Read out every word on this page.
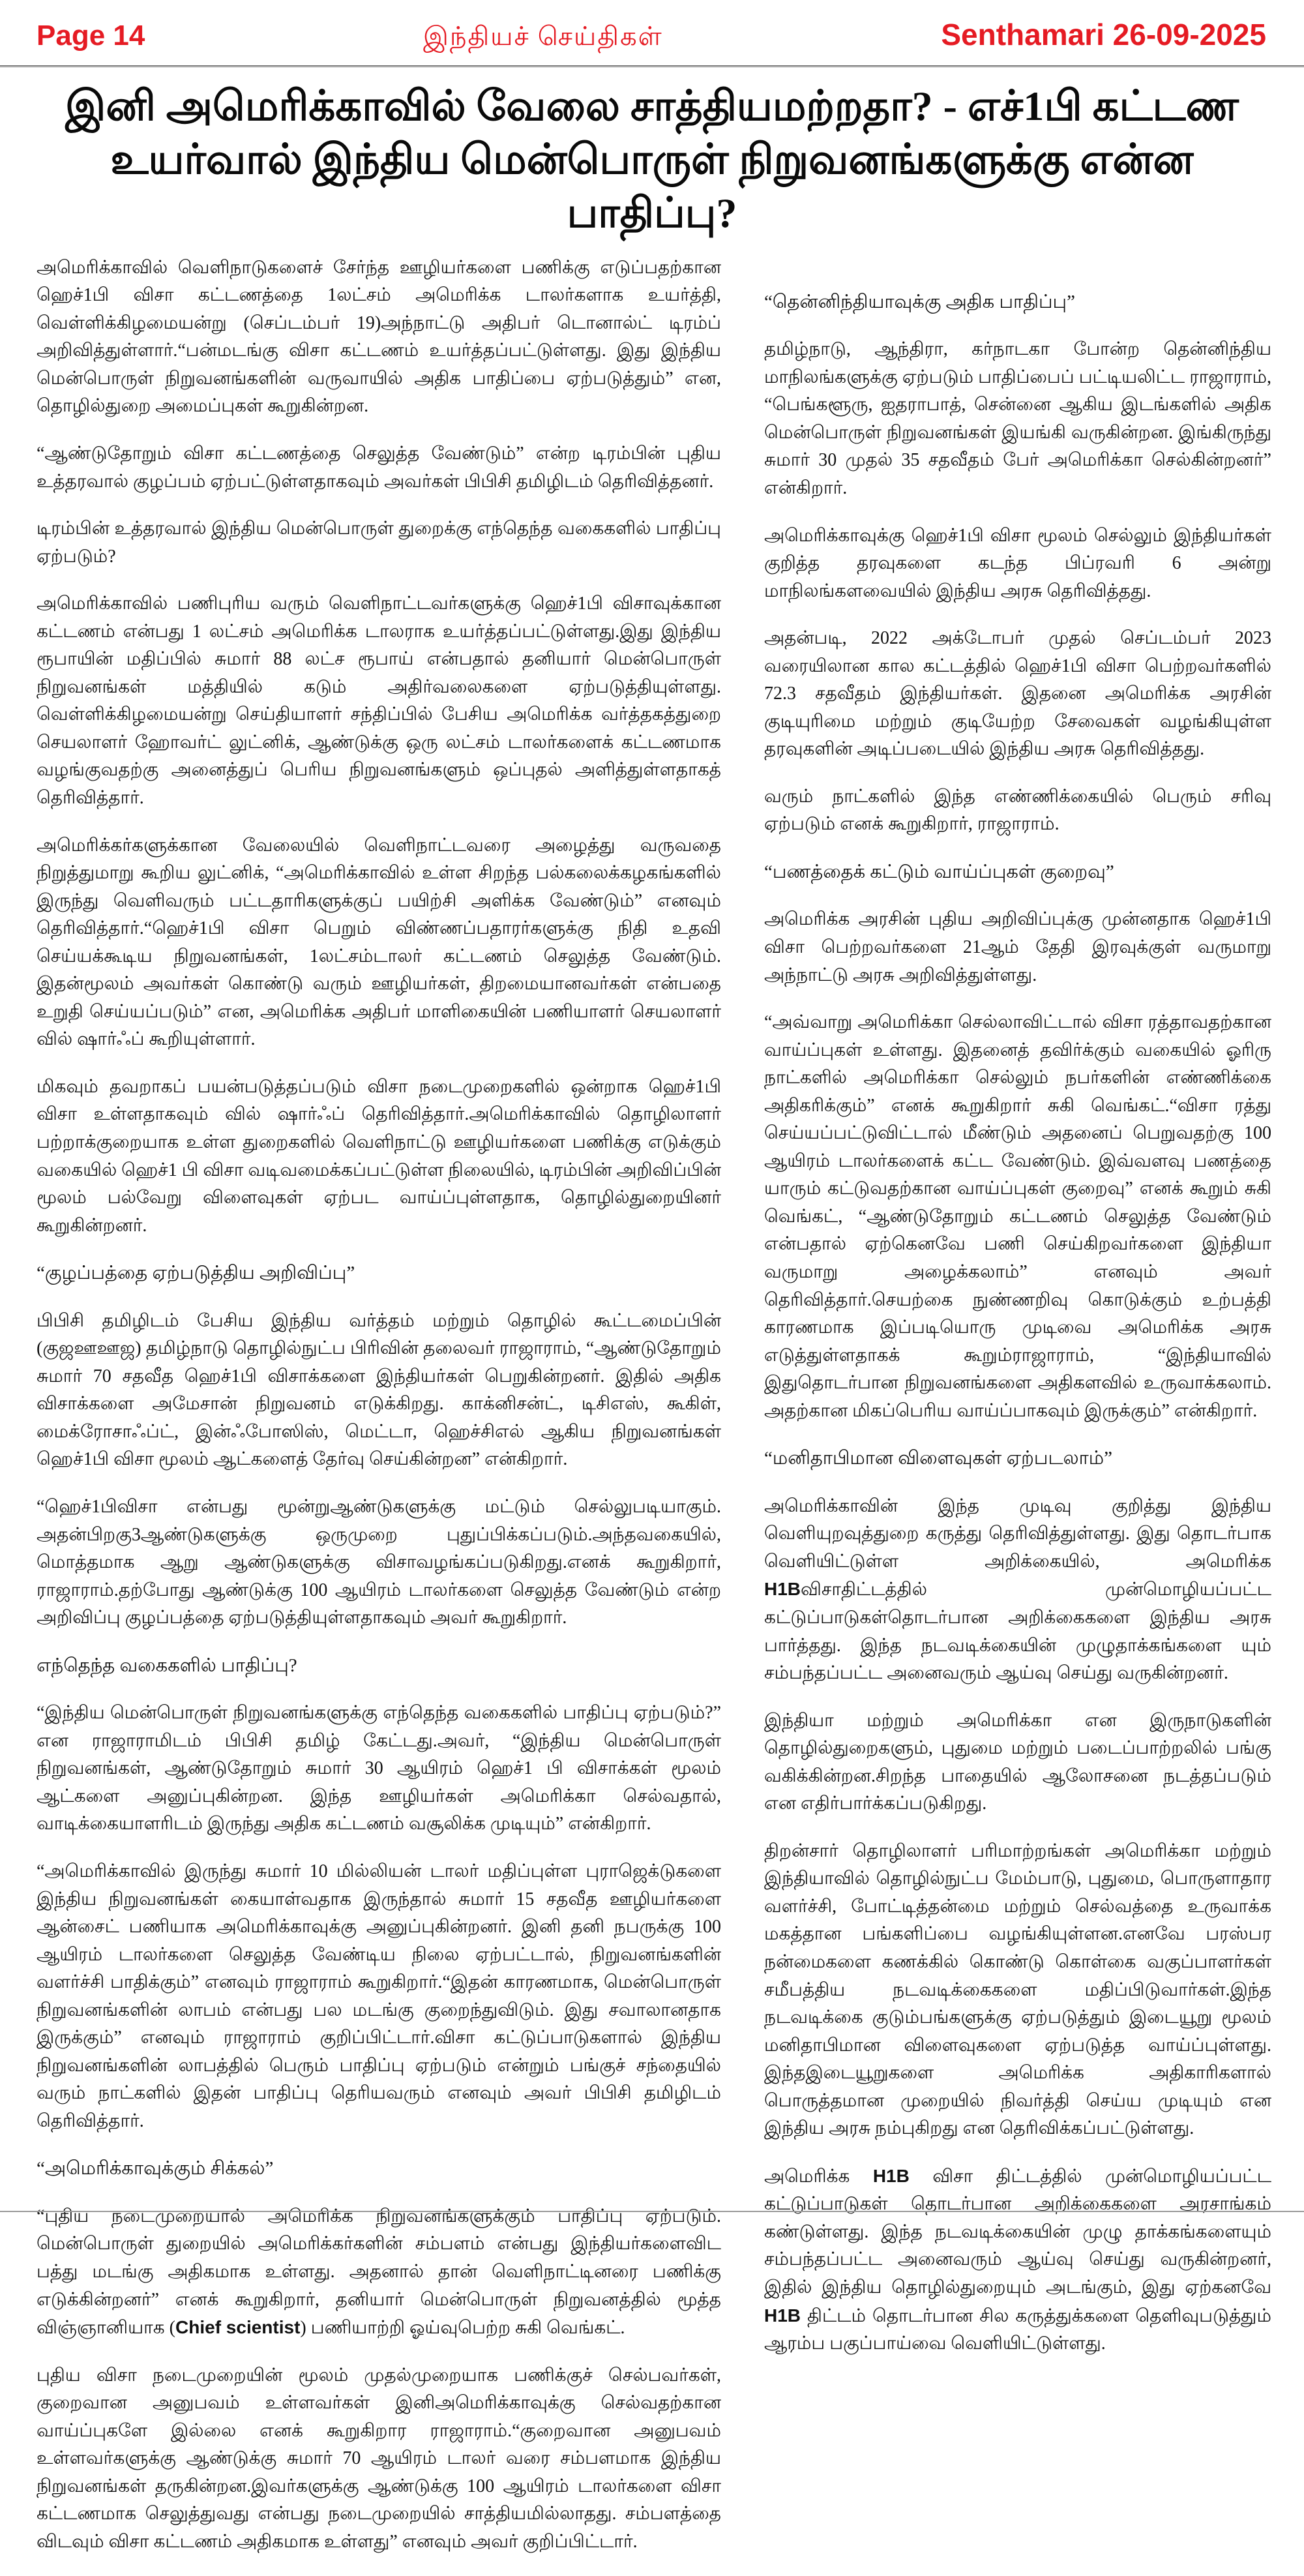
Page 14	இந்தியச் செய்திகள்	Senthamari 26-09-2025
இனி அமெரிக்காவில் வேலை சாத்தியமற்றதா? - எச்1பி கட்டண உயர்வால் இந்திய மென்பொருள் நிறுவனங்களுக்கு என்ன பாதிப்பு?

அமெரிக்காவில் வெளிநாடுகளைச் சேர்ந்த ஊழியர்களை பணிக்கு எடுப்பதற்கான ஹெச்1பி விசா கட்டணத்தை 1லட்சம் அமெரிக்க டாலர்களாக உயர்த்தி, வெள்ளிக்கிழமையன்று (செப்டம்பர் 19)அந்நாட்டு அதிபர் டொனால்ட் டிரம்ப் அறிவித்துள்ளார்.“பன்மடங்கு விசா கட்டணம் உயர்த்தப்பட்டுள்ளது. இது இந்திய மென்பொருள் நிறுவனங்களின் வருவாயில் அதிக பாதிப்பை ஏற்படுத்தும்” என, தொழில்துறை அமைப்புகள் கூறுகின்றன.

“ஆண்டுதோறும் விசா கட்டணத்தை செலுத்த வேண்டும்” என்ற டிரம்பின் புதிய உத்தரவால் குழப்பம் ஏற்பட்டுள்ளதாகவும் அவர்கள் பிபிசி தமிழிடம் தெரிவித்தனர்.

டிரம்பின் உத்தரவால் இந்திய மென்பொருள் துறைக்கு எந்தெந்த வகைகளில் பாதிப்பு ஏற்படும்?

அமெரிக்காவில் பணிபுரிய வரும் வெளிநாட்டவர்களுக்கு ஹெச்1பி விசாவுக்கான கட்டணம் என்பது 1 லட்சம் அமெரிக்க டாலராக உயர்த்தப்பட்டுள்ளது.இது இந்திய ரூபாயின் மதிப்பில் சுமார் 88 லட்ச ரூபாய் என்பதால் தனியார் மென்பொருள் நிறுவனங்கள் மத்தியில் கடும் அதிர்வலைகளை ஏற்படுத்தியுள்ளது. வெள்ளிக்கிழமையன்று செய்தியாளர் சந்திப்பில் பேசிய அமெரிக்க வர்த்தகத்துறை செயலாளர் ஹோவர்ட் லுட்னிக், ஆண்டுக்கு ஒரு லட்சம் டாலர்களைக் கட்டணமாக வழங்குவதற்கு அனைத்துப் பெரிய நிறுவனங்களும் ஒப்புதல் அளித்துள்ளதாகத் தெரிவித்தார்.

அமெரிக்கர்களுக்கான வேலையில் வெளிநாட்டவரை அழைத்து வருவதை நிறுத்துமாறு கூறிய லுட்னிக், “அமெரிக்காவில் உள்ள சிறந்த பல்கலைக்கழகங்களில் இருந்து வெளிவரும் பட்டதாரிகளுக்குப் பயிற்சி அளிக்க வேண்டும்” எனவும் தெரிவித்தார்.“ஹெச்1பி விசா பெறும் விண்ணப்பதாரர்களுக்கு நிதி உதவி செய்யக்கூடிய நிறுவனங்கள், 1லட்சம்டாலர் கட்டணம் செலுத்த வேண்டும். இதன்மூலம் அவர்கள் கொண்டு வரும் ஊழியர்கள், திறமையானவர்கள் என்பதை உறுதி செய்யப்படும்” என, அமெரிக்க அதிபர் மாளிகையின் பணியாளர் செயலாளர் வில் ஷார்ஃப் கூறியுள்ளார்.

மிகவும் தவறாகப் பயன்படுத்தப்படும் விசா நடைமுறைகளில் ஒன்றாக ஹெச்1பி விசா உள்ளதாகவும் வில் ஷார்ஃப் தெரிவித்தார்.அமெரிக்காவில் தொழிலாளர் பற்றாக்குறையாக உள்ள துறைகளில் வெளிநாட்டு ஊழியர்களை பணிக்கு எடுக்கும் வகையில் ஹெச்1 பி விசா வடிவமைக்கப்பட்டுள்ள நிலையில், டிரம்பின் அறிவிப்பின் மூலம் பல்வேறு விளைவுகள் ஏற்பட வாய்ப்புள்ளதாக, தொழில்துறையினர் கூறுகின்றனர்.

“குழப்பத்தை ஏற்படுத்திய அறிவிப்பு”

பிபிசி தமிழிடம் பேசிய இந்திய வர்த்தம் மற்றும் தொழில் கூட்டமைப்பின் (குஜஊஊஜ) தமிழ்நாடு தொழில்நுட்ப பிரிவின் தலைவர் ராஜாராம், “ஆண்டுதோறும் சுமார் 70 சதவீத ஹெச்1பி விசாக்களை இந்தியர்கள் பெறுகின்றனர். இதில் அதிக விசாக்களை அமேசான் நிறுவனம் எடுக்கிறது. காக்னிசன்ட், டிசிஎஸ், கூகிள், மைக்ரோசாஃப்ட், இன்ஃபோஸிஸ், மெட்டா, ஹெச்சிஎல் ஆகிய நிறுவனங்கள் ஹெச்1பி விசா மூலம் ஆட்களைத் தேர்வு செய்கின்றன” என்கிறார்.

“ஹெச்1பிவிசா என்பது மூன்றுஆண்டுகளுக்கு மட்டும் செல்லுபடியாகும். அதன்பிறகு3ஆண்டுகளுக்கு ஒருமுறை புதுப்பிக்கப்படும்.அந்தவகையில், மொத்தமாக ஆறு ஆண்டுகளுக்கு விசாவழங்கப்படுகிறது.எனக் கூறுகிறார், ராஜாராம்.தற்போது ஆண்டுக்கு 100 ஆயிரம் டாலர்களை செலுத்த வேண்டும் என்ற அறிவிப்பு குழப்பத்தை ஏற்படுத்தியுள்ளதாகவும் அவர் கூறுகிறார்.

எந்தெந்த வகைகளில் பாதிப்பு?

“இந்திய மென்பொருள் நிறுவனங்களுக்கு எந்தெந்த வகைகளில் பாதிப்பு ஏற்படும்?” என ராஜாராமிடம் பிபிசி தமிழ் கேட்டது.அவர், “இந்திய மென்பொருள் நிறுவனங்கள், ஆண்டுதோறும் சுமார் 30 ஆயிரம் ஹெச்1 பி விசாக்கள் மூலம் ஆட்களை அனுப்புகின்றன. இந்த ஊழியர்கள் அமெரிக்கா செல்வதால், வாடிக்கையாளரிடம் இருந்து அதிக கட்டணம் வசூலிக்க முடியும்” என்கிறார்.

“அமெரிக்காவில் இருந்து சுமார் 10 மில்லியன் டாலர் மதிப்புள்ள புராஜெக்டுகளை இந்திய நிறுவனங்கள் கையாள்வதாக இருந்தால் சுமார் 15 சதவீத ஊழியர்களை ஆன்சைட் பணியாக அமெரிக்காவுக்கு அனுப்புகின்றனர். இனி தனி நபருக்கு 100 ஆயிரம் டாலர்களை செலுத்த வேண்டிய நிலை ஏற்பட்டால், நிறுவனங்களின் வளர்ச்சி பாதிக்கும்” எனவும் ராஜாராம் கூறுகிறார்.“இதன் காரணமாக, மென்பொருள் நிறுவனங்களின் லாபம் என்பது பல மடங்கு குறைந்துவிடும். இது சவாலானதாக இருக்கும்” எனவும் ராஜாராம் குறிப்பிட்டார்.விசா கட்டுப்பாடுகளால் இந்திய நிறுவனங்களின் லாபத்தில் பெரும் பாதிப்பு ஏற்படும் என்றும் பங்குச் சந்தையில் வரும் நாட்களில் இதன் பாதிப்பு தெரியவரும் எனவும் அவர் பிபிசி தமிழிடம் தெரிவித்தார்.

“அமெரிக்காவுக்கும் சிக்கல்”

“புதிய நடைமுறையால் அமெரிக்க நிறுவனங்களுக்கும் பாதிப்பு ஏற்படும். மென்பொருள் துறையில் அமெரிக்கர்களின் சம்பளம் என்பது இந்தியர்களைவிட பத்து மடங்கு அதிகமாக உள்ளது. அதனால் தான் வெளிநாட்டினரை பணிக்கு எடுக்கின்றனர்” எனக் கூறுகிறார், தனியார் மென்பொருள் நிறுவனத்தில் மூத்த விஞ்ஞானியாக (Chief scientist) பணியாற்றி ஓய்வுபெற்ற சுகி வெங்கட்.

புதிய விசா நடைமுறையின் மூலம் முதல்முறையாக பணிக்குச் செல்பவர்கள், குறைவான அனுபவம் உள்ளவர்கள் இனிஅமெரிக்காவுக்கு செல்வதற்கான வாய்ப்புகளே இல்லை எனக் கூறுகிறார ராஜாராம்.“குறைவான அனுபவம் உள்ளவர்களுக்கு ஆண்டுக்கு சுமார் 70 ஆயிரம் டாலர் வரை சம்பளமாக இந்திய நிறுவனங்கள் தருகின்றன.இவர்களுக்கு ஆண்டுக்கு 100 ஆயிரம் டாலர்களை விசா கட்டணமாக செலுத்துவது என்பது நடைமுறையில் சாத்தியமில்லாதது. சம்பளத்தை விடவும் விசா கட்டணம் அதிகமாக உள்ளது” எனவும் அவர் குறிப்பிட்டார்.

“தென்னிந்தியாவுக்கு அதிக பாதிப்பு”

தமிழ்நாடு, ஆந்திரா, கர்நாடகா போன்ற தென்னிந்திய மாநிலங்களுக்கு ஏற்படும் பாதிப்பைப் பட்டியலிட்ட ராஜாராம், “பெங்களூரு, ஐதராபாத், சென்னை ஆகிய இடங்களில் அதிக மென்பொருள் நிறுவனங்கள் இயங்கி வருகின்றன. இங்கிருந்து சுமார் 30 முதல் 35 சதவீதம் பேர் அமெரிக்கா செல்கின்றனர்” என்கிறார்.

அமெரிக்காவுக்கு ஹெச்1பி விசா மூலம் செல்லும் இந்தியர்கள் குறித்த தரவுகளை கடந்த பிப்ரவரி 6 அன்று மாநிலங்களவையில் இந்திய அரசு தெரிவித்தது.

அதன்படி, 2022 அக்டோபர் முதல் செப்டம்பர் 2023 வரையிலான கால கட்டத்தில் ஹெச்1பி விசா பெற்றவர்களில் 72.3 சதவீதம் இந்தியர்கள். இதனை அமெரிக்க அரசின் குடியுரிமை மற்றும் குடியேற்ற சேவைகள் வழங்கியுள்ள தரவுகளின் அடிப்படையில் இந்திய அரசு தெரிவித்தது.

வரும் நாட்களில் இந்த எண்ணிக்கையில் பெரும் சரிவு ஏற்படும் எனக் கூறுகிறார், ராஜாராம்.

“பணத்தைக் கட்டும் வாய்ப்புகள் குறைவு”

அமெரிக்க அரசின் புதிய அறிவிப்புக்கு முன்னதாக ஹெச்1பி விசா பெற்றவர்களை 21ஆம் தேதி இரவுக்குள் வருமாறு அந்நாட்டு அரசு அறிவித்துள்ளது.

“அவ்வாறு அமெரிக்கா செல்லாவிட்டால் விசா ரத்தாவதற்கான வாய்ப்புகள் உள்ளது. இதனைத் தவிர்க்கும் வகையில் ஓரிரு நாட்களில் அமெரிக்கா செல்லும் நபர்களின் எண்ணிக்கை அதிகரிக்கும்” எனக் கூறுகிறார் சுகி வெங்கட்.“விசா ரத்து செய்யப்பட்டுவிட்டால் மீண்டும் அதனைப் பெறுவதற்கு 100 ஆயிரம் டாலர்களைக் கட்ட வேண்டும். இவ்வளவு பணத்தை யாரும் கட்டுவதற்கான வாய்ப்புகள் குறைவு” எனக் கூறும் சுகி வெங்கட், “ஆண்டுதோறும் கட்டணம் செலுத்த வேண்டும் என்பதால் ஏற்கெனவே பணி செய்கிறவர்களை இந்தியா வருமாறு அழைக்கலாம்” எனவும் அவர் தெரிவித்தார்.செயற்கை நுண்ணறிவு கொடுக்கும் உற்பத்தி காரணமாக இப்படியொரு முடிவை அமெரிக்க அரசு எடுத்துள்ளதாகக் கூறும்ராஜாராம், “இந்தியாவில் இதுதொடர்பான நிறுவனங்களை அதிகளவில் உருவாக்கலாம். அதற்கான மிகப்பெரிய வாய்ப்பாகவும் இருக்கும்” என்கிறார்.

“மனிதாபிமான விளைவுகள் ஏற்படலாம்”

அமெரிக்காவின் இந்த முடிவு குறித்து இந்திய வெளியுறவுத்துறை கருத்து தெரிவித்துள்ளது. இது தொடர்பாக வெளியிட்டுள்ள அறிக்கையில், அமெரிக்க H1Bவிசாதிட்டத்தில் முன்மொழியப்பட்ட கட்டுப்பாடுகள்தொடர்பான அறிக்கைகளை இந்திய அரசு பார்த்தது. இந்த நடவடிக்கையின் முழுதாக்கங்களை யும் சம்பந்தப்பட்ட அனைவரும் ஆய்வு செய்து வருகின்றனர்.

இந்தியா மற்றும் அமெரிக்கா என இருநாடுகளின் தொழில்துறைகளும், புதுமை மற்றும் படைப்பாற்றலில் பங்கு வகிக்கின்றன.சிறந்த பாதையில் ஆலோசனை நடத்தப்படும் என எதிர்பார்க்கப்படுகிறது.

திறன்சார் தொழிலாளர் பரிமாற்றங்கள் அமெரிக்கா மற்றும் இந்தியாவில் தொழில்நுட்ப மேம்பாடு, புதுமை, பொருளாதார வளர்ச்சி, போட்டித்தன்மை மற்றும் செல்வத்தை உருவாக்க மகத்தான பங்களிப்பை வழங்கியுள்ளன.எனவே பரஸ்பர நன்மைகளை கணக்கில் கொண்டு கொள்கை வகுப்பாளர்கள் சமீபத்திய நடவடிக்கைகளை மதிப்பிடுவார்கள்.இந்த நடவடிக்கை குடும்பங்களுக்கு ஏற்படுத்தும் இடையூறு மூலம் மனிதாபிமான விளைவுகளை ஏற்படுத்த வாய்ப்புள்ளது. இந்தஇடையூறுகளை அமெரிக்க அதிகாரிகளால் பொருத்தமான முறையில் நிவர்த்தி செய்ய முடியும் என இந்திய அரசு நம்புகிறது என தெரிவிக்கப்பட்டுள்ளது.

அமெரிக்க H1B விசா திட்டத்தில் முன்மொழியப்பட்ட கட்டுப்பாடுகள் தொடர்பான அறிக்கைகளை அரசாங்கம் கண்டுள்ளது. இந்த நடவடிக்கையின் முழு தாக்கங்களையும் சம்பந்தப்பட்ட அனைவரும் ஆய்வு செய்து வருகின்றனர், இதில் இந்திய தொழில்துறையும் அடங்கும், இது ஏற்கனவே H1B திட்டம் தொடர்பான சில கருத்துக்களை தெளிவுபடுத்தும் ஆரம்ப பகுப்பாய்வை வெளியிட்டுள்ளது.
